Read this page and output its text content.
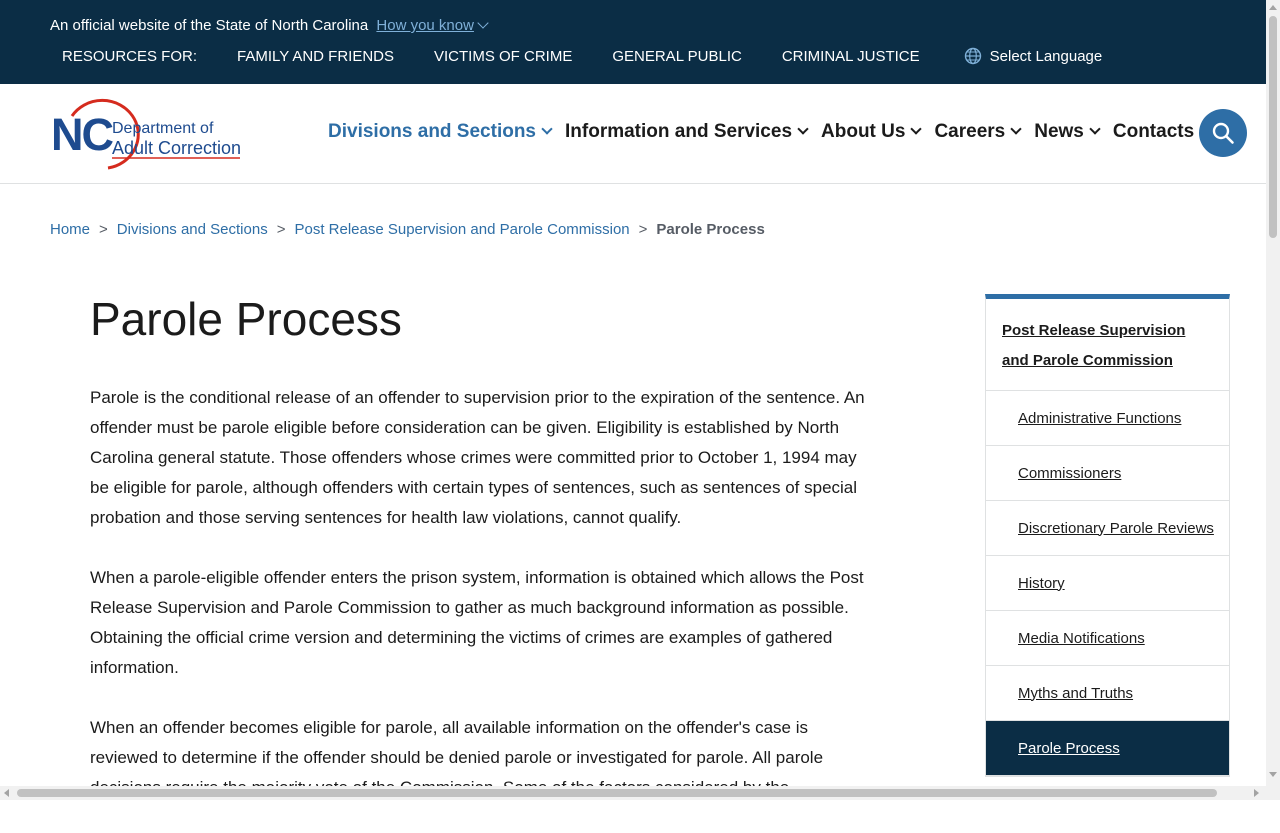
An official website of the State of North Carolina How you know
RESOURCES FOR:	FAMILY AND FRIENDS	VICTIMS OF CRIME	GENERAL PUBLIC	CRIMINAL JUSTICE	Select Language
NC Department of
Adult Correction
Divisions and Sections Information and Services About Us Careers News Contacts
Home > Divisions and Sections > Post Release Supervision and Parole Commission > Parole Process
Parole Process

Parole is the conditional release of an offender to supervision prior to the expiration of the sentence. An offender must be parole eligible before consideration can be given. Eligibility is established by North Carolina general statute. Those offenders whose crimes were committed prior to October 1, 1994 may be eligible for parole, although offenders with certain types of sentences, such as sentences of special probation and those serving sentences for health law violations, cannot qualify.

When a parole-eligible offender enters the prison system, information is obtained which allows the Post Release Supervision and Parole Commission to gather as much background information as possible. Obtaining the official crime version and determining the victims of crimes are examples of gathered information.

When an offender becomes eligible for parole, all available information on the offender's case is reviewed to determine if the offender should be denied parole or investigated for parole. All parole

Post Release Supervision and Parole Commission
Administrative Functions
Commissioners
Discretionary Parole Reviews
History
Media Notifications
Myths and Truths
Parole Process
